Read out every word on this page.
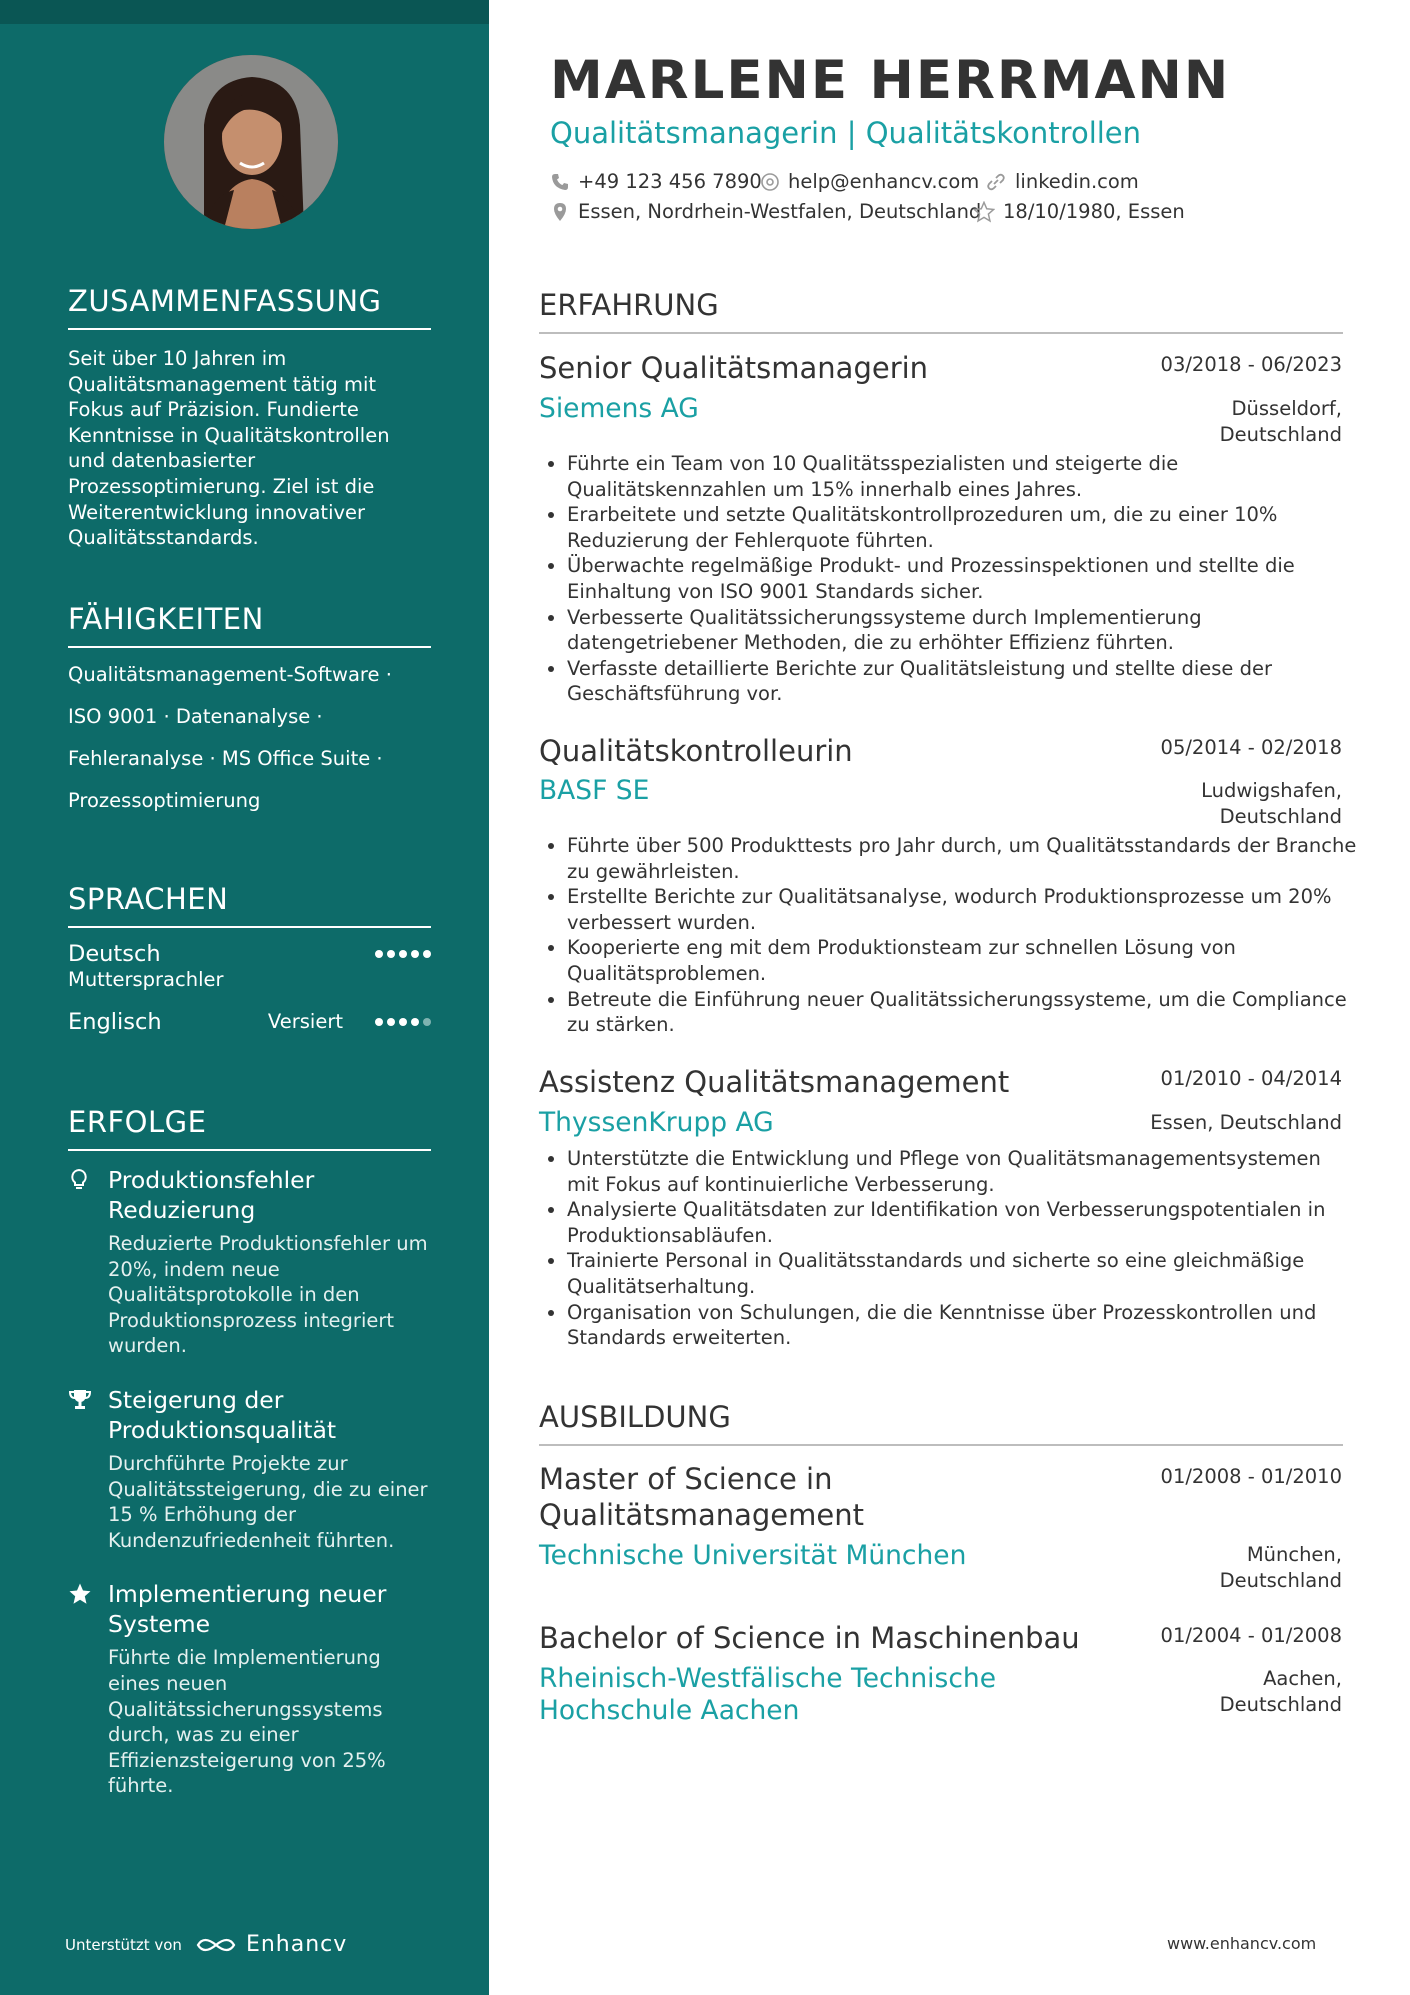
ZUSAMMENFASSUNG
Seit über 10 Jahren im Qualitätsmanagement tätig mit Fokus auf Präzision. Fundierte Kenntnisse in Qualitätskontrollen und datenbasierter Prozessoptimierung. Ziel ist die Weiterentwicklung innovativer Qualitätsstandards.
FÄHIGKEITEN
Qualitätsmanagement-Software ·
ISO 9001 · Datenanalyse ·
Fehleranalyse · MS Office Suite ·
Prozessoptimierung
SPRACHEN
Deutsch
Muttersprachler
Englisch	Versiert
ERFOLGE
Produktionsfehler Reduzierung
Reduzierte Produktionsfehler um 20%, indem neue Qualitätsprotokolle in den Produktionsprozess integriert wurden.
Steigerung der Produktionsqualität
Durchführte Projekte zur Qualitätssteigerung, die zu einer 15 % Erhöhung der Kundenzufriedenheit führten.
Implementierung neuer Systeme
Führte die Implementierung eines neuen Qualitätssicherungssystems durch, was zu einer Effizienzsteigerung von 25% führte.
Unterstützt von	Enhancv
MARLENE HERRMANN
Qualitätsmanagerin | Qualitätskontrollen
+49 123 456 7890 help@enhancv.com linkedin.com
Essen, Nordrhein-Westfalen, Deutschland 18/10/1980, Essen
ERFAHRUNG
Senior Qualitätsmanagerin	03/2018 - 06/2023
Siemens AG	Düsseldorf,
Deutschland
• Führte ein Team von 10 Qualitätsspezialisten und steigerte die Qualitätskennzahlen um 15% innerhalb eines Jahres.
• Erarbeitete und setzte Qualitätskontrollprozeduren um, die zu einer 10% Reduzierung der Fehlerquote führten.
• Überwachte regelmäßige Produkt- und Prozessinspektionen und stellte die Einhaltung von ISO 9001 Standards sicher.
• Verbesserte Qualitätssicherungssysteme durch Implementierung datengetriebener Methoden, die zu erhöhter Effizienz führten.
• Verfasste detaillierte Berichte zur Qualitätsleistung und stellte diese der Geschäftsführung vor.
Qualitätskontrolleurin	05/2014 - 02/2018
BASF SE	Ludwigshafen,
Deutschland
• Führte über 500 Produkttests pro Jahr durch, um Qualitätsstandards der Branche zu gewährleisten.
• Erstellte Berichte zur Qualitätsanalyse, wodurch Produktionsprozesse um 20% verbessert wurden.
• Kooperierte eng mit dem Produktionsteam zur schnellen Lösung von Qualitätsproblemen.
• Betreute die Einführung neuer Qualitätssicherungssysteme, um die Compliance zu stärken.
Assistenz Qualitätsmanagement	01/2010 - 04/2014
ThyssenKrupp AG	Essen, Deutschland
• Unterstützte die Entwicklung und Pflege von Qualitätsmanagementsystemen mit Fokus auf kontinuierliche Verbesserung.
• Analysierte Qualitätsdaten zur Identifikation von Verbesserungspotentialen in Produktionsabläufen.
• Trainierte Personal in Qualitätsstandards und sicherte so eine gleichmäßige Qualitätserhaltung.
• Organisation von Schulungen, die die Kenntnisse über Prozesskontrollen und Standards erweiterten.
AUSBILDUNG
Master of Science in
Qualitätsmanagement
01/2008 - 01/2010
Technische Universität München	München,
Deutschland
Bachelor of Science in Maschinenbau	01/2004 - 01/2008
Rheinisch-Westfälische Technische
Hochschule Aachen
Aachen,
Deutschland
www.enhancv.com
